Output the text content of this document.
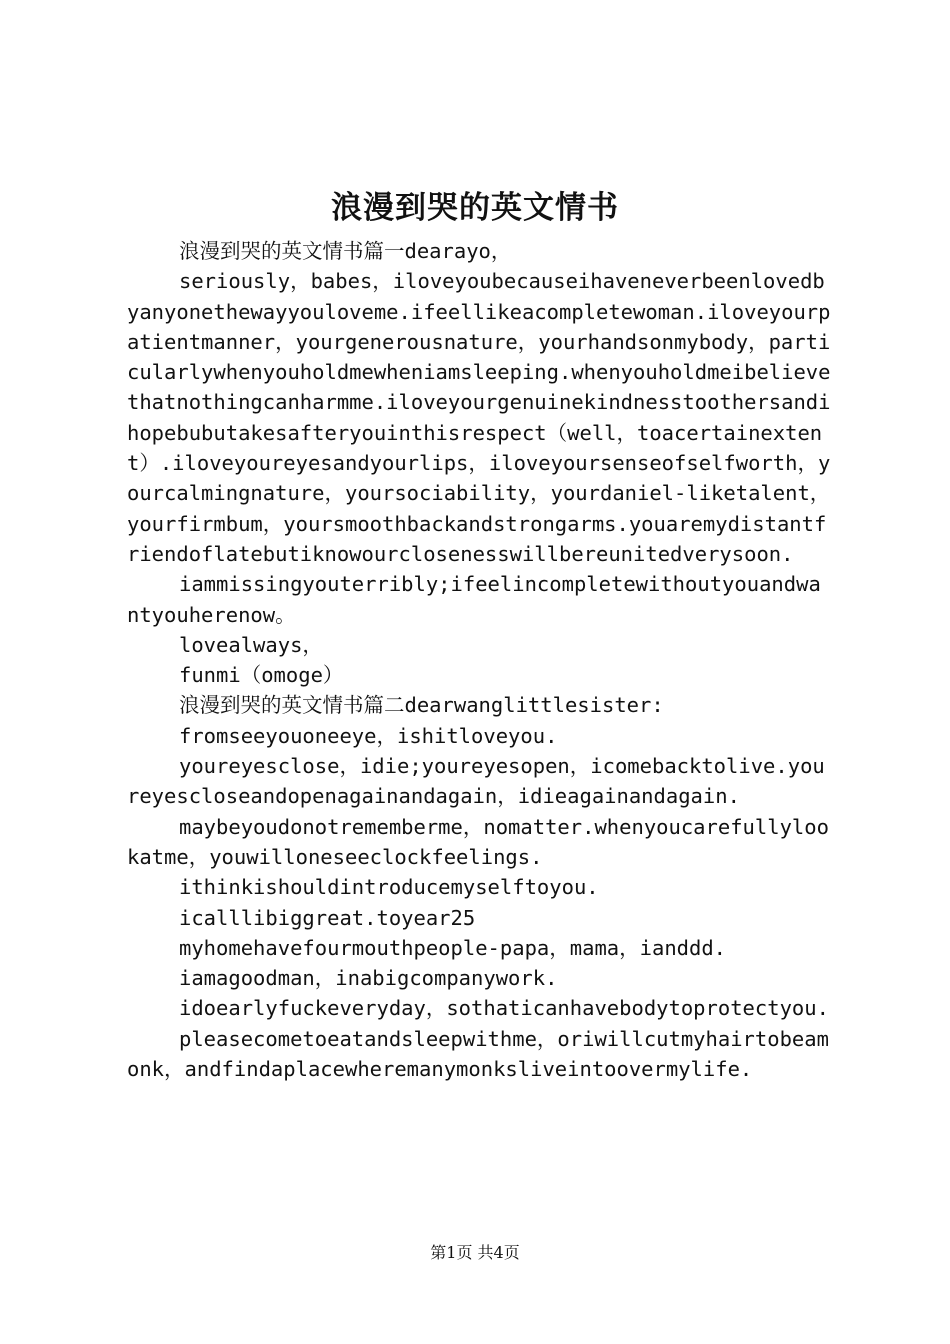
浪漫到哭的英文情书

浪漫到哭的英文情书篇一dearayo，

seriously，babes，iloveyoubecauseihaveneverbeenlovedbyanyonethewayyouloveme.ifeellikeacompletewoman.iloveyourpatientmanner，yourgenerousnature，yourhandsonmybody，particularlywhenyouholdmewheniamsleeping.whenyouholdmeibelievethatnothingcanharmme.iloveyourgenuinekindnesstoothersandihopebubutakesafteryouinthisrespect（well，toacertainextent）.iloveyoureyesandyourlips，iloveyoursenseofselfworth，yourcalmingnature，yoursociability，yourdaniel-liketalent，yourfirmbum，yoursmoothbackandstrongarms.youaremydistantfriendoflatebutiknowourclosenesswillbereunitedverysoon.

iammissingyouterribly;ifeelincompletewithoutyouandwantyouherenow。

lovealways，

funmi（omoge）

浪漫到哭的英文情书篇二dearwanglittlesister:

fromseeyouoneeye，ishitloveyou.

youreyesclose，idie;youreyesopen，icomebacktolive.youreyescloseandopenagainandagain，idieagainandagain.

maybeyoudonotrememberme，nomatter.whenyoucarefullylookatme，youwilloneseeclockfeelings.

ithinkishouldintroducemyselftoyou.

icalllibiggreat.toyear25

myhomehavefourmouthpeople-papa，mama，ianddd.

iamagoodman，inabigcompanywork.

idoearlyfuckeveryday，sothaticanhavebodytoprotectyou.

pleasecometoeatandsleepwithme，oriwillcutmyhairtobeamonk，andfindaplacewheremanymonksliveintoovermylife.

第1页 共4页
